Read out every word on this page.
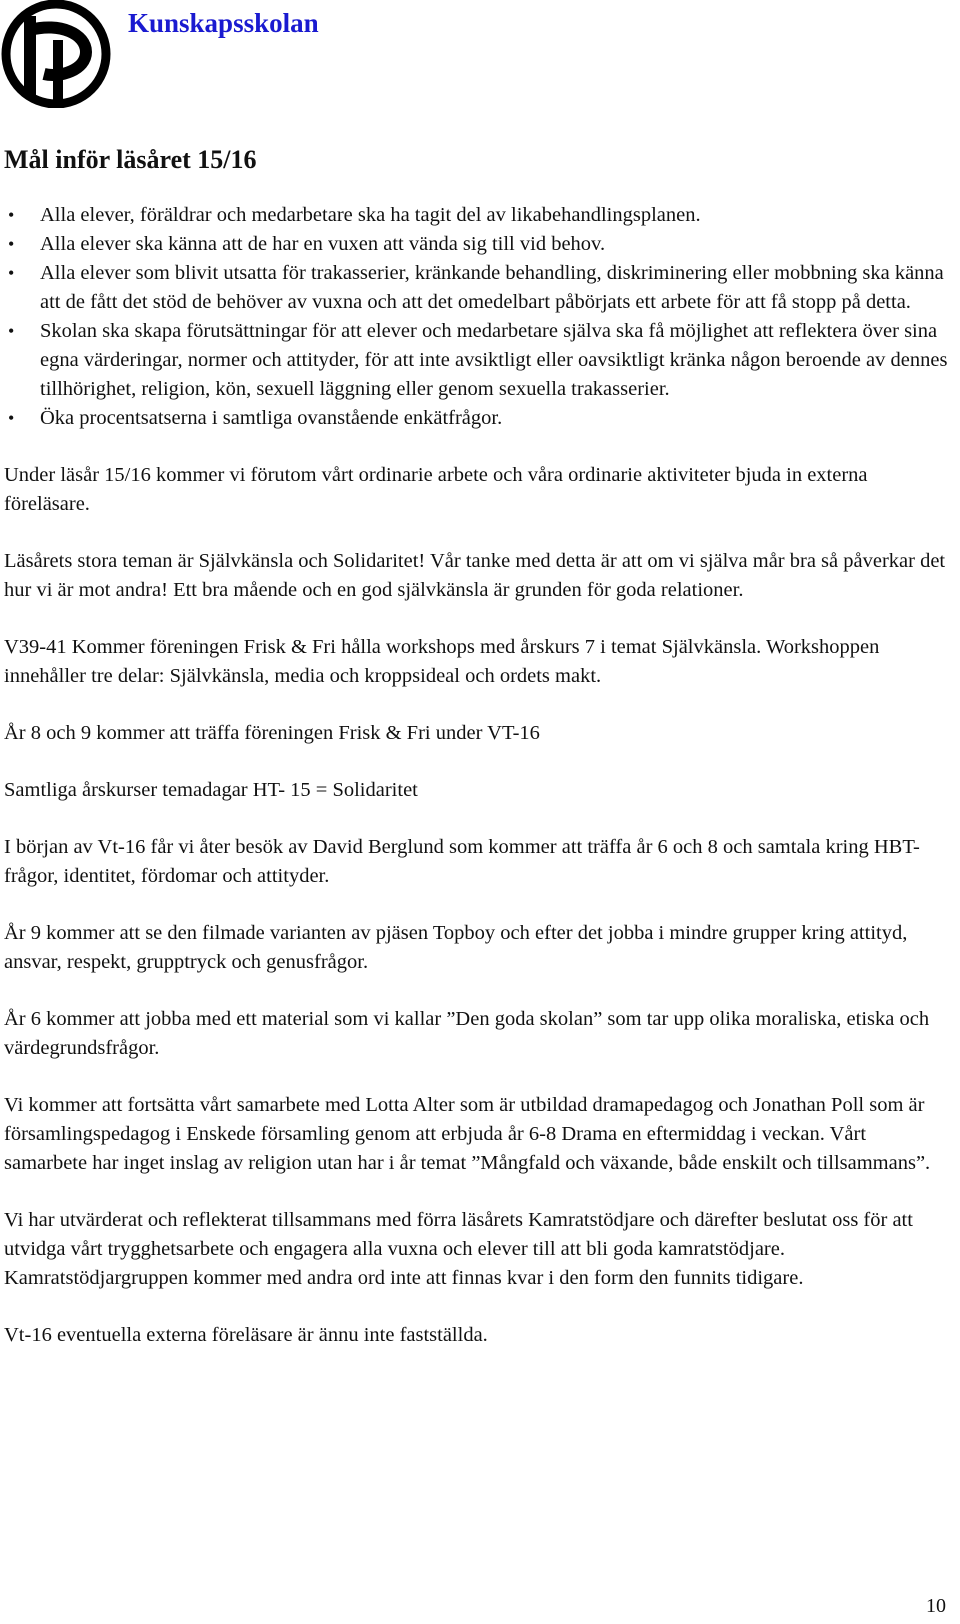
Kunskapsskolan
Mål inför läsåret 15/16
• Alla elever, föräldrar och medarbetare ska ha tagit del av likabehandlingsplanen.
• Alla elever ska känna att de har en vuxen att vända sig till vid behov.
• Alla elever som blivit utsatta för trakasserier, kränkande behandling, diskriminering eller mobbning ska känna att de fått det stöd de behöver av vuxna och att det omedelbart påbörjats ett arbete för att få stopp på detta.
• Skolan ska skapa förutsättningar för att elever och medarbetare själva ska få möjlighet att reflektera över sina egna värderingar, normer och attityder, för att inte avsiktligt eller oavsiktligt kränka någon beroende av dennes tillhörighet, religion, kön, sexuell läggning eller genom sexuella trakasserier.
• Öka procentsatserna i samtliga ovanstående enkätfrågor.

Under läsår 15/16 kommer vi förutom vårt ordinarie arbete och våra ordinarie aktiviteter bjuda in externa föreläsare.

Läsårets stora teman är Självkänsla och Solidaritet! Vår tanke med detta är att om vi själva mår bra så påverkar det hur vi är mot andra! Ett bra mående och en god självkänsla är grunden för goda relationer.

V39-41 Kommer föreningen Frisk & Fri hålla workshops med årskurs 7 i temat Självkänsla. Workshoppen innehåller tre delar: Självkänsla, media och kroppsideal och ordets makt.

År 8 och 9 kommer att träffa föreningen Frisk & Fri under VT-16

Samtliga årskurser temadagar HT- 15 = Solidaritet

I början av Vt-16 får vi åter besök av David Berglund som kommer att träffa år 6 och 8 och samtala kring HBT-frågor, identitet, fördomar och attityder.

År 9 kommer att se den filmade varianten av pjäsen Topboy och efter det jobba i mindre grupper kring attityd, ansvar, respekt, grupptryck och genusfrågor.

År 6 kommer att jobba med ett material som vi kallar ”Den goda skolan” som tar upp olika moraliska, etiska och värdegrundsfrågor.

Vi kommer att fortsätta vårt samarbete med Lotta Alter som är utbildad dramapedagog och Jonathan Poll som är församlingspedagog i Enskede församling genom att erbjuda år 6-8 Drama en eftermiddag i veckan. Vårt samarbete har inget inslag av religion utan har i år temat ”Mångfald och växande, både enskilt och tillsammans”.

Vi har utvärderat och reflekterat tillsammans med förra läsårets Kamratstödjare och därefter beslutat oss för att utvidga vårt trygghetsarbete och engagera alla vuxna och elever till att bli goda kamratstödjare. Kamratstödjargruppen kommer med andra ord inte att finnas kvar i den form den funnits tidigare.

Vt-16 eventuella externa föreläsare är ännu inte fastställda.

10
